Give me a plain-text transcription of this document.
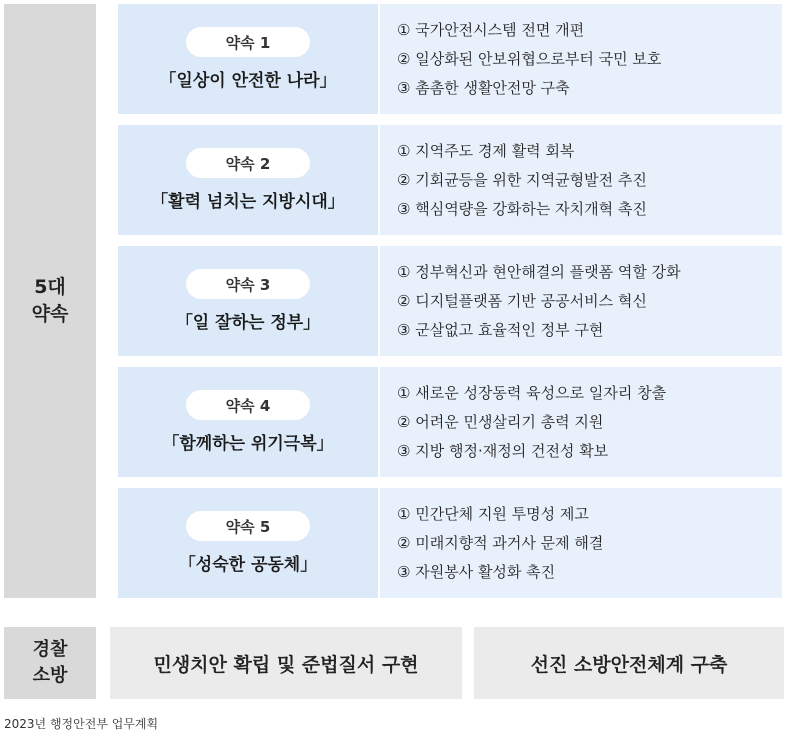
5대
약속
약속 1
「일상이 안전한 나라」
① 국가안전시스템 전면 개편
② 일상화된 안보위협으로부터 국민 보호
③ 촘촘한 생활안전망 구축
약속 2
「활력 넘치는 지방시대」
① 지역주도 경제 활력 회복
② 기회균등을 위한 지역균형발전 추진
③ 핵심역량을 강화하는 자치개혁 촉진
약속 3
「일 잘하는 정부」
① 정부혁신과 현안해결의 플랫폼 역할 강화
② 디지털플랫폼 기반 공공서비스 혁신
③ 군살없고 효율적인 정부 구현
약속 4
「함께하는 위기극복」
① 새로운 성장동력 육성으로 일자리 창출
② 어려운 민생살리기 총력 지원
③ 지방 행정·재정의 건전성 확보
약속 5
「성숙한 공동체」
① 민간단체 지원 투명성 제고
② 미래지향적 과거사 문제 해결
③ 자원봉사 활성화 촉진
경찰
소방	민생치안 확립 및 준법질서 구현	선진 소방안전체계 구축
2023년 행정안전부 업무계획
